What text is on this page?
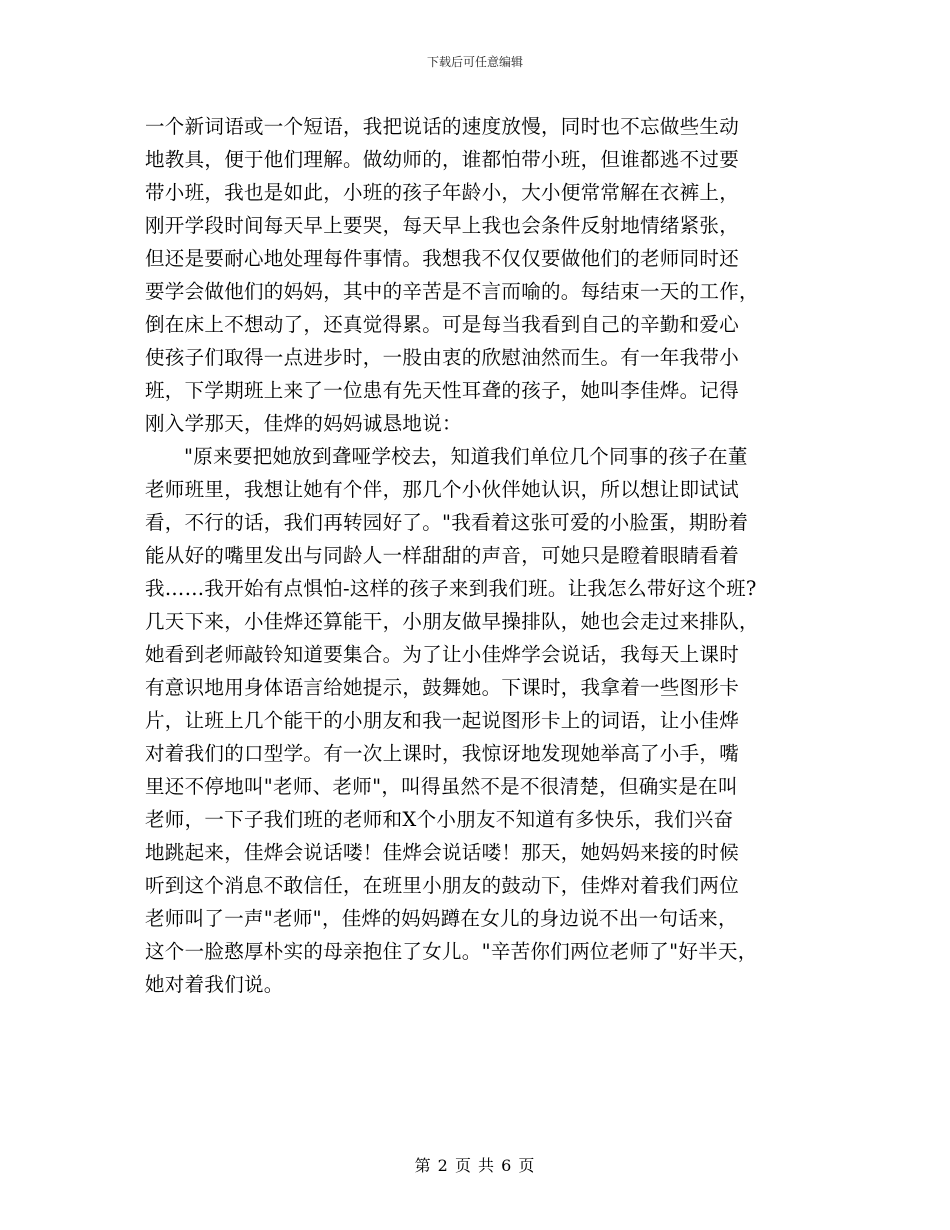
下载后可任意编辑
一个新词语或一个短语，我把说话的速度放慢，同时也不忘做些生动
地教具，便于他们理解。做幼师的，谁都怕带小班，但谁都逃不过要
带小班，我也是如此，小班的孩子年龄小，大小便常常解在衣裤上，
刚开学段时间每天早上要哭，每天早上我也会条件反射地情绪紧张，
但还是要耐心地处理每件事情。我想我不仅仅要做他们的老师同时还
要学会做他们的妈妈，其中的辛苦是不言而喻的。每结束一天的工作，
倒在床上不想动了，还真觉得累。可是每当我看到自己的辛勤和爱心
使孩子们取得一点进步时，一股由衷的欣慰油然而生。有一年我带小
班，下学期班上来了一位患有先天性耳聋的孩子，她叫李佳烨。记得
刚入学那天，佳烨的妈妈诚恳地说：
"原来要把她放到聋哑学校去，知道我们单位几个同事的孩子在董
老师班里，我想让她有个伴，那几个小伙伴她认识，所以想让即试试
看，不行的话，我们再转园好了。"我看着这张可爱的小脸蛋，期盼着
能从好的嘴里发出与同龄人一样甜甜的声音，可她只是瞪着眼睛看着
我……我开始有点惧怕-这样的孩子来到我们班。让我怎么带好这个班?
几天下来，小佳烨还算能干，小朋友做早操排队，她也会走过来排队，
她看到老师敲铃知道要集合。为了让小佳烨学会说话，我每天上课时
有意识地用身体语言给她提示，鼓舞她。下课时，我拿着一些图形卡
片，让班上几个能干的小朋友和我一起说图形卡上的词语，让小佳烨
对着我们的口型学。有一次上课时，我惊讶地发现她举高了小手，嘴
里还不停地叫"老师、老师"，叫得虽然不是不很清楚，但确实是在叫
老师，一下子我们班的老师和X个小朋友不知道有多快乐，我们兴奋
地跳起来，佳烨会说话喽！佳烨会说话喽！那天，她妈妈来接的时候
听到这个消息不敢信任，在班里小朋友的鼓动下，佳烨对着我们两位
老师叫了一声"老师"，佳烨的妈妈蹲在女儿的身边说不出一句话来，
这个一脸憨厚朴实的母亲抱住了女儿。"辛苦你们两位老师了"好半天，
她对着我们说。
第 2 页 共 6 页
